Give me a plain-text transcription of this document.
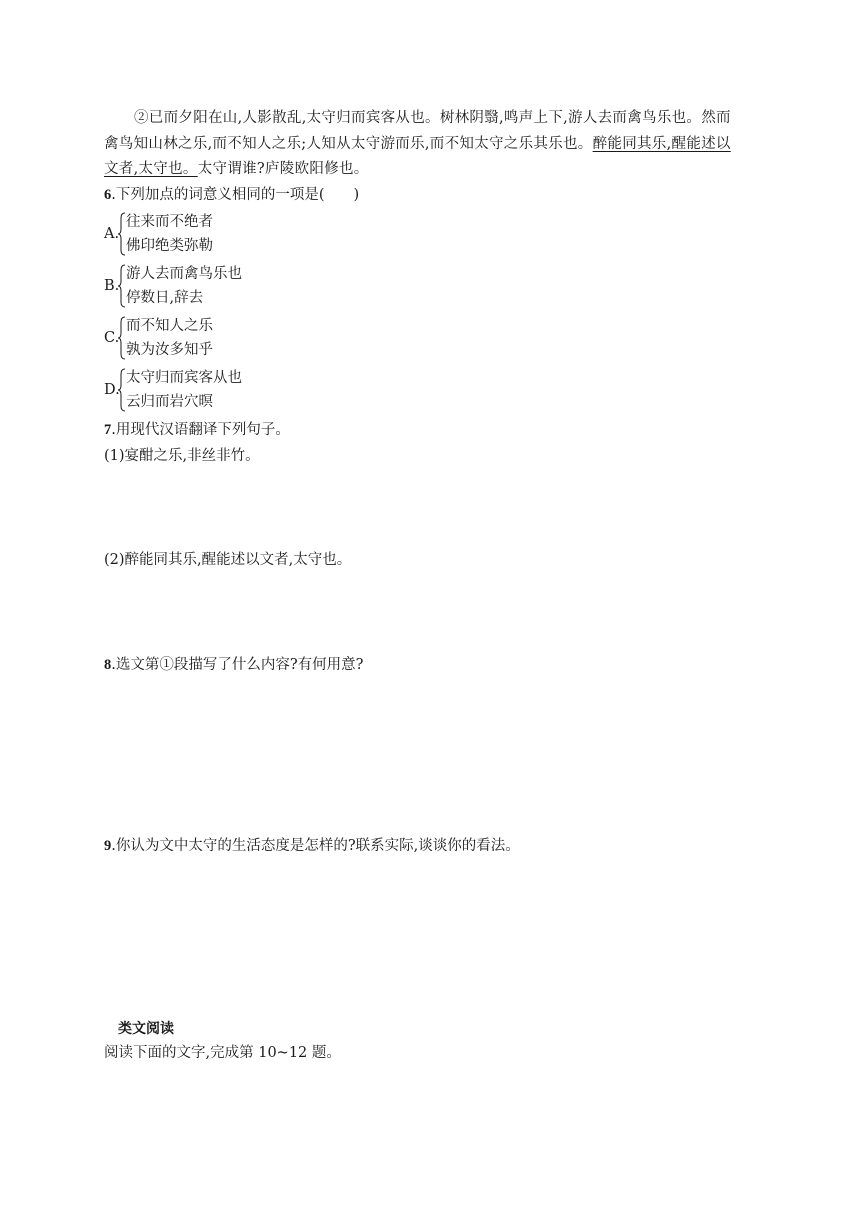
②已而夕阳在山,人影散乱,太守归而宾客从也。树林阴翳,鸣声上下,游人去而禽鸟乐也。然而
禽鸟知山林之乐,而不知人之乐;人知从太守游而乐,而不知太守之乐其乐也。醉能同其乐,醒能述以
文者,太守也。太守谓谁?庐陵欧阳修也。
6.下列加点的词意义相同的一项是(　　)
A.
往来而不绝者
佛印绝类弥勒
B.
游人去而禽鸟乐也
停数日,辞去
C.
而不知人之乐
孰为汝多知乎
D.
太守归而宾客从也
云归而岩穴暝
7.用现代汉语翻译下列句子。
(1)宴酣之乐,非丝非竹。
(2)醉能同其乐,醒能述以文者,太守也。
8.选文第①段描写了什么内容?有何用意?
9.你认为文中太守的生活态度是怎样的?联系实际,谈谈你的看法。
类文阅读
阅读下面的文字,完成第 10~12 题。
